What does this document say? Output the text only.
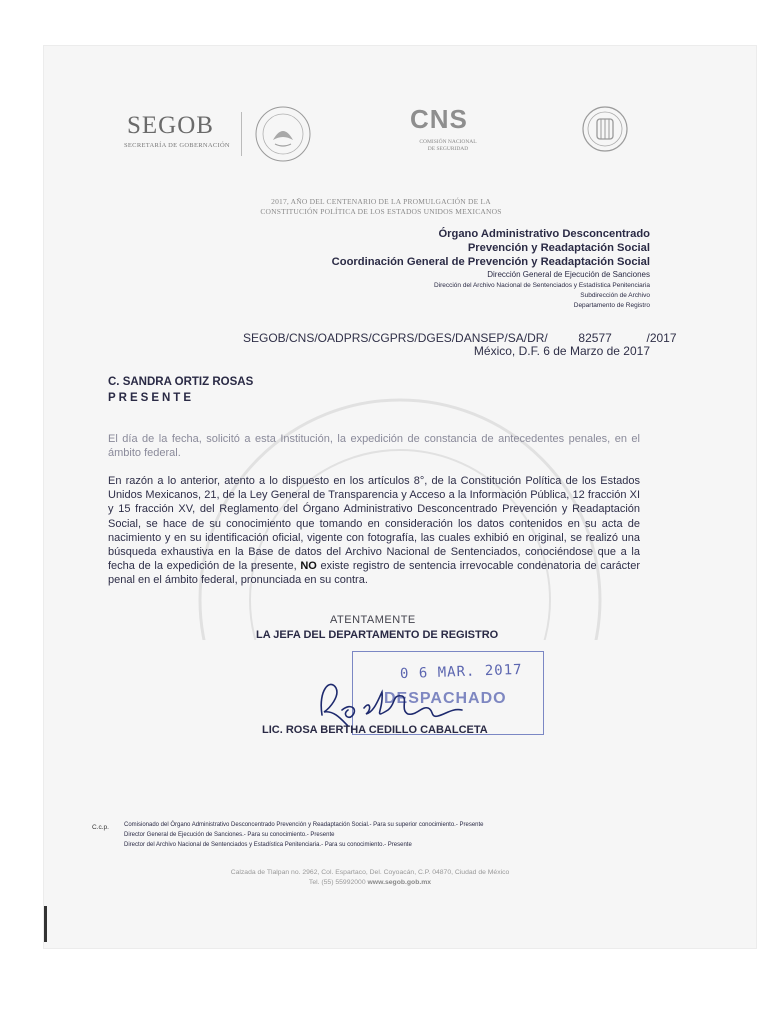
SEGOB
SECRETARÍA DE GOBERNACIÓN
CNS
COMISIÓN NACIONAL
DE SEGURIDAD
2017, AÑO DEL CENTENARIO DE LA PROMULGACIÓN DE LA
CONSTITUCIÓN POLÍTICA DE LOS ESTADOS UNIDOS MEXICANOS
Órgano Administrativo Desconcentrado
Prevención y Readaptación Social
Coordinación General de Prevención y Readaptación Social
Dirección General de Ejecución de Sanciones
Dirección del Archivo Nacional de Sentenciados y Estadística Penitenciaria
Subdirección de Archivo
Departamento de Registro
SEGOB/CNS/OADPRS/CGPRS/DGES/DANSEP/SA/DR/	82577	/2017
México, D.F. 6 de Marzo de 2017
C. SANDRA ORTIZ ROSAS
PRESENTE
El día de la fecha, solicitó a esta Institución, la expedición de constancia de antecedentes penales, en el ámbito federal.
En razón a lo anterior, atento a lo dispuesto en los artículos 8°, de la Constitución Política de los Estados Unidos Mexicanos, 21, de la Ley General de Transparencia y Acceso a la Información Pública, 12 fracción XI y 15 fracción XV, del Reglamento del Órgano Administrativo Desconcentrado Prevención y Readaptación Social, se hace de su conocimiento que tomando en consideración los datos contenidos en su acta de nacimiento y en su identificación oficial, vigente con fotografía, las cuales exhibió en original, se realizó una búsqueda exhaustiva en la Base de datos del Archivo Nacional de Sentenciados, conociéndose que a la fecha de la expedición de la presente, NO existe registro de sentencia irrevocable condenatoria de carácter penal en el ámbito federal, pronunciada en su contra.
0 6 MAR. 2017
DESPACHADO
ATENTAMENTE
LA JEFA DEL DEPARTAMENTO DE REGISTRO
LIC. ROSA BERTHA CEDILLO CABALCETA
C.c.p.	Comisionado del Órgano Administrativo Desconcentrado Prevención y Readaptación Social.- Para su superior conocimiento.- Presente
Director General de Ejecución de Sanciones.- Para su conocimiento.- Presente
Director del Archivo Nacional de Sentenciados y Estadística Penitenciaria.- Para su conocimiento.- Presente
Calzada de Tlalpan no. 2962, Col. Espartaco, Del. Coyoacán, C.P. 04870, Ciudad de México
Tel. (55) 55992000 www.segob.gob.mx
